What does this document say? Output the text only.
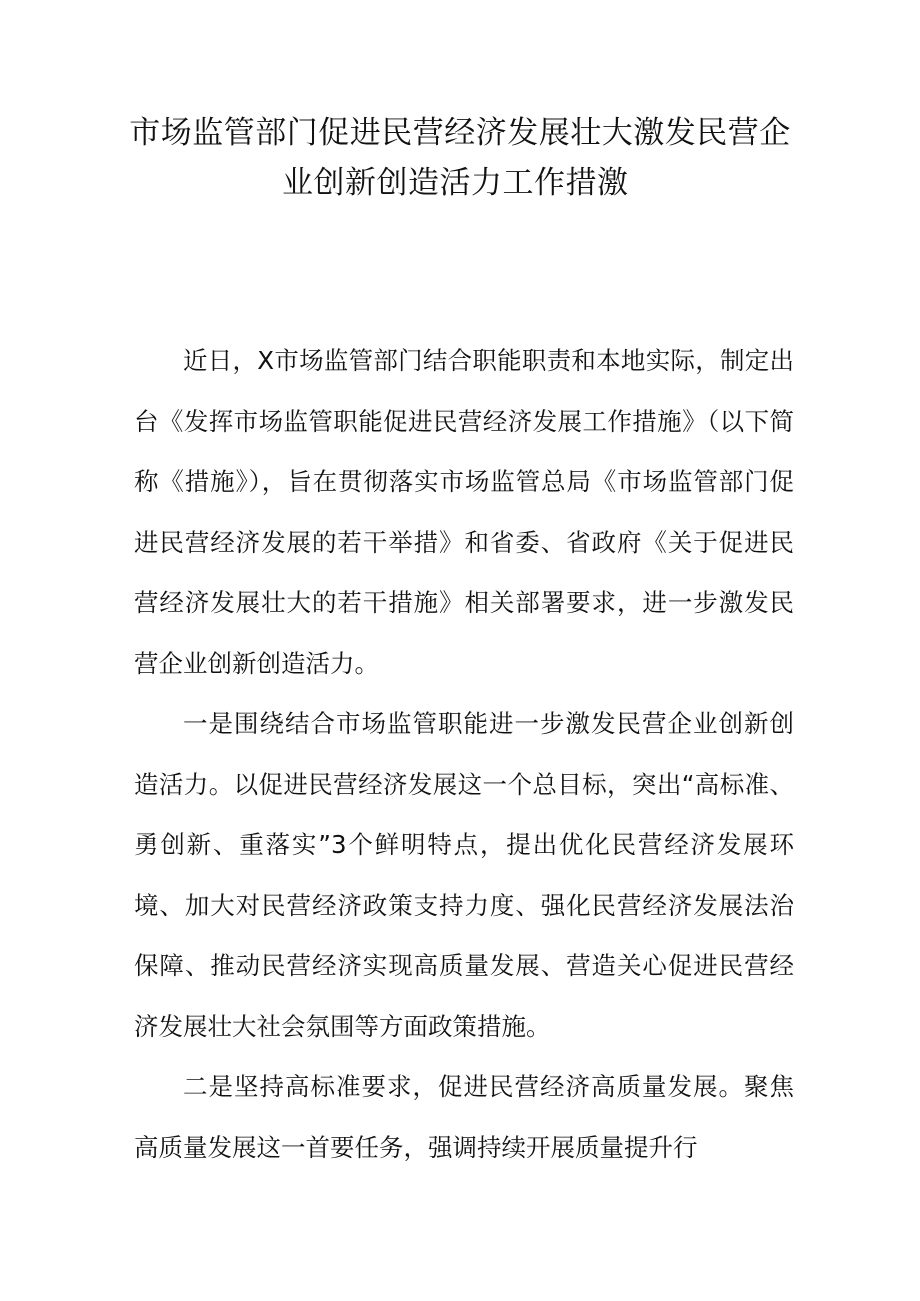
市场监管部门促进民营经济发展壮大激发民营企
业创新创造活力工作措激

近日，X市场监管部门结合职能职责和本地实际，制定出台《发挥市场监管职能促进民营经济发展工作措施》（以下简称《措施》），旨在贯彻落实市场监管总局《市场监管部门促进民营经济发展的若干举措》和省委、省政府《关于促进民营经济发展壮大的若干措施》相关部署要求，进一步激发民营企业创新创造活力。

一是围绕结合市场监管职能进一步激发民营企业创新创造活力。以促进民营经济发展这一个总目标，突出“高标准、勇创新、重落实”3个鲜明特点，提出优化民营经济发展环境、加大对民营经济政策支持力度、强化民营经济发展法治保障、推动民营经济实现高质量发展、营造关心促进民营经济发展壮大社会氛围等方面政策措施。

二是坚持高标准要求，促进民营经济高质量发展。聚焦高质量发展这一首要任务，强调持续开展质量提升行
